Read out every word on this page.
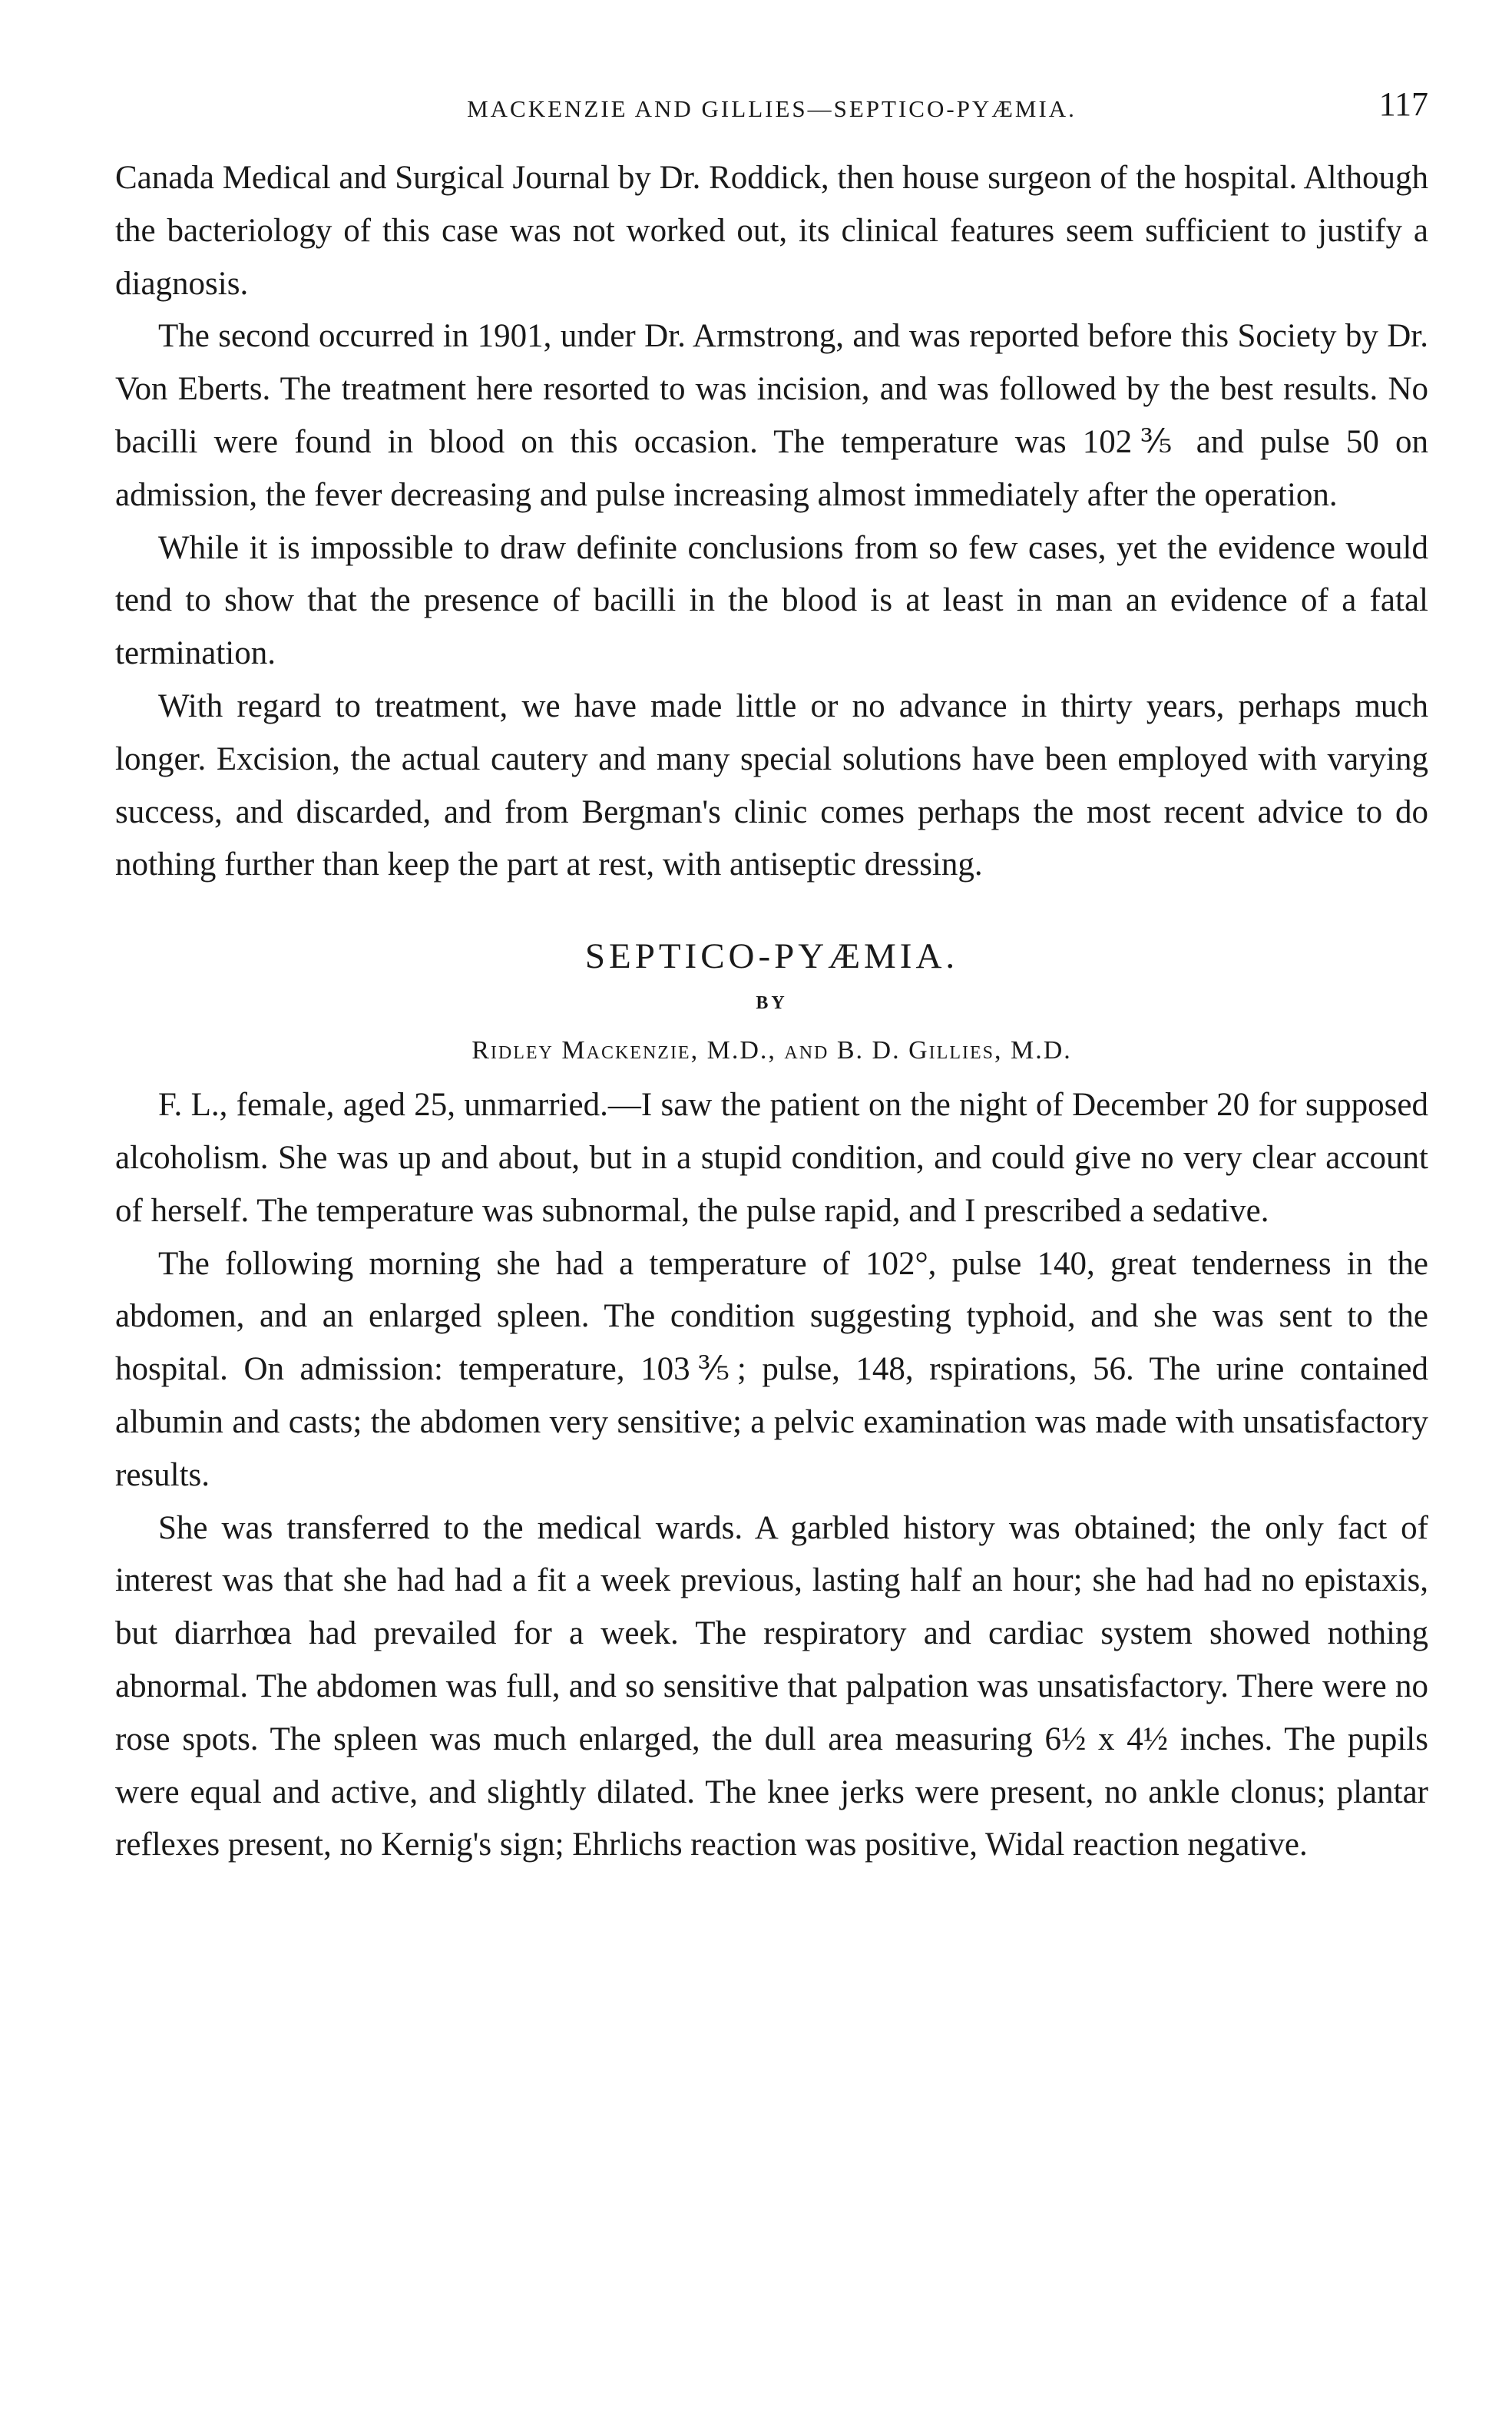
MACKENZIE AND GILLIES—SEPTICO-PYÆMIA.	117

Canada Medical and Surgical Journal by Dr. Roddick, then house surgeon of the hospital. Although the bacteriology of this case was not worked out, its clinical features seem sufficient to justify a diagnosis.

The second occurred in 1901, under Dr. Armstrong, and was reported before this Society by Dr. Von Eberts. The treatment here resorted to was incision, and was followed by the best results. No bacilli were found in blood on this occasion. The temperature was 102⅗ and pulse 50 on admission, the fever decreasing and pulse increasing almost immediately after the operation.

While it is impossible to draw definite conclusions from so few cases, yet the evidence would tend to show that the presence of bacilli in the blood is at least in man an evidence of a fatal termination.

With regard to treatment, we have made little or no advance in thirty years, perhaps much longer. Excision, the actual cautery and many special solutions have been employed with varying success, and discarded, and from Bergman's clinic comes perhaps the most recent advice to do nothing further than keep the part at rest, with antiseptic dressing.

SEPTICO-PYÆMIA.
BY
Ridley Mackenzie, M.D., and B. D. Gillies, M.D.

F. L., female, aged 25, unmarried.—I saw the patient on the night of December 20 for supposed alcoholism. She was up and about, but in a stupid condition, and could give no very clear account of herself. The temperature was subnormal, the pulse rapid, and I prescribed a sedative.

The following morning she had a temperature of 102°, pulse 140, great tenderness in the abdomen, and an enlarged spleen. The condition suggesting typhoid, and she was sent to the hospital. On admission: temperature, 103⅗; pulse, 148, rspirations, 56. The urine contained albumin and casts; the abdomen very sensitive; a pelvic examination was made with unsatisfactory results.

She was transferred to the medical wards. A garbled history was obtained; the only fact of interest was that she had had a fit a week previous, lasting half an hour; she had had no epistaxis, but diarrhœa had prevailed for a week. The respiratory and cardiac system showed nothing abnormal. The abdomen was full, and so sensitive that palpation was unsatisfactory. There were no rose spots. The spleen was much enlarged, the dull area measuring 6½ x 4½ inches. The pupils were equal and active, and slightly dilated. The knee jerks were present, no ankle clonus; plantar reflexes present, no Kernig's sign; Ehrlichs reaction was positive, Widal reaction negative.
